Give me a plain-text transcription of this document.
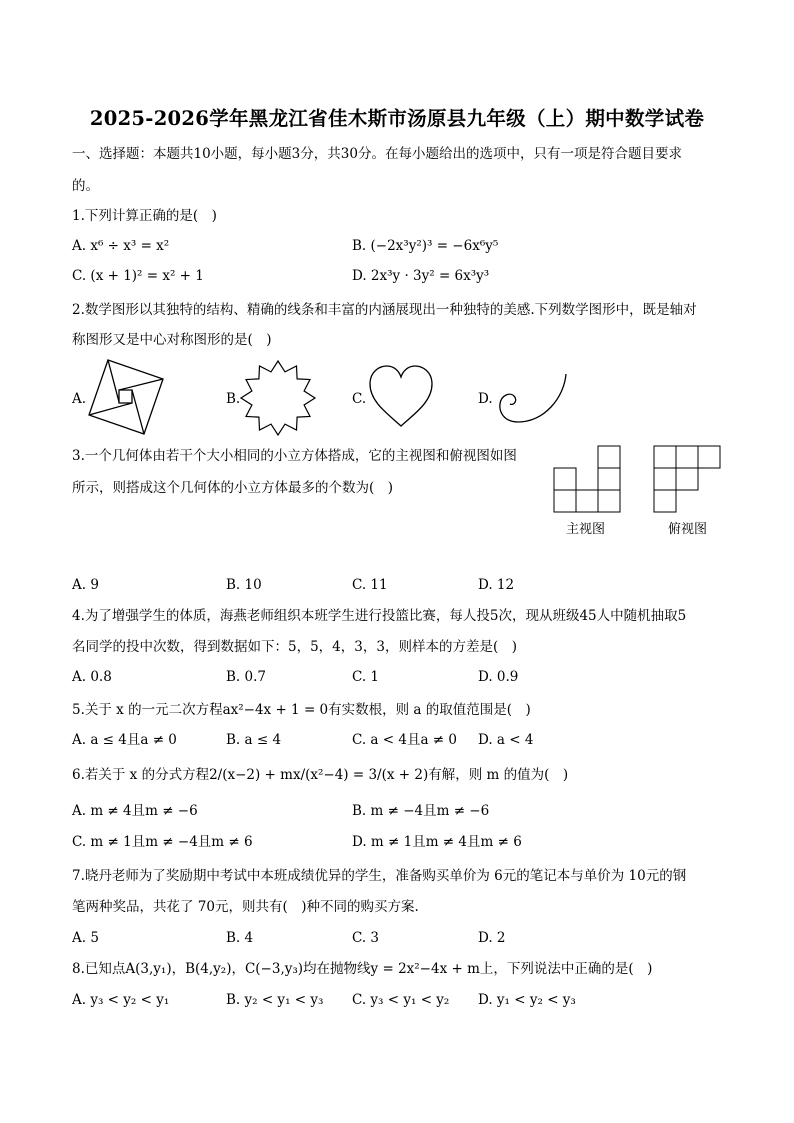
2025-2026学年黑龙江省佳木斯市汤原县九年级（上）期中数学试卷
一、选择题：本题共10小题，每小题3分，共30分。在每小题给出的选项中，只有一项是符合题目要求
的。
1.下列计算正确的是(　)
A. x⁶ ÷ x³ = x²	B. (−2x³y²)³ = −6x⁶y⁵
C. (x + 1)² = x² + 1	D. 2x³y · 3y² = 6x³y³
2.数学图形以其独特的结构、精确的线条和丰富的内涵展现出一种独特的美感.下列数学图形中，既是轴对
称图形又是中心对称图形的是(　)
A.	B.	C.	D.
3.一个几何体由若干个大小相同的小立方体搭成，它的主视图和俯视图如图
所示，则搭成这个几何体的小立方体最多的个数为(　)
主视图	俯视图
A. 9	B. 10	C. 11	D. 12
4.为了增强学生的体质，海燕老师组织本班学生进行投篮比赛，每人投5次，现从班级45人中随机抽取5
名同学的投中次数，得到数据如下：5，5，4，3，3，则样本的方差是(　)
A. 0.8	B. 0.7	C. 1	D. 0.9
5.关于 x 的一元二次方程ax²−4x + 1 = 0有实数根，则 a 的取值范围是(　)
A. a ≤ 4且a ≠ 0	B. a ≤ 4	C. a < 4且a ≠ 0 D. a < 4
6.若关于 x 的分式方程2/(x−2) + mx/(x²−4) = 3/(x + 2)有解，则 m 的值为(　)
A. m ≠ 4且m ≠ −6	B. m ≠ −4且m ≠ −6
C. m ≠ 1且m ≠ −4且m ≠ 6	D. m ≠ 1且m ≠ 4且m ≠ 6
7.晓丹老师为了奖励期中考试中本班成绩优异的学生，准备购买单价为 6元的笔记本与单价为 10元的钢
笔两种奖品，共花了 70元，则共有(　)种不同的购买方案.
A. 5	B. 4	C. 3	D. 2
8.已知点A(3,y₁)，B(4,y₂)，C(−3,y₃)均在抛物线y = 2x²−4x + m上，下列说法中正确的是(　)
A. y₃ < y₂ < y₁	B. y₂ < y₁ < y₃ C. y₃ < y₁ < y₂ D. y₁ < y₂ < y₃
